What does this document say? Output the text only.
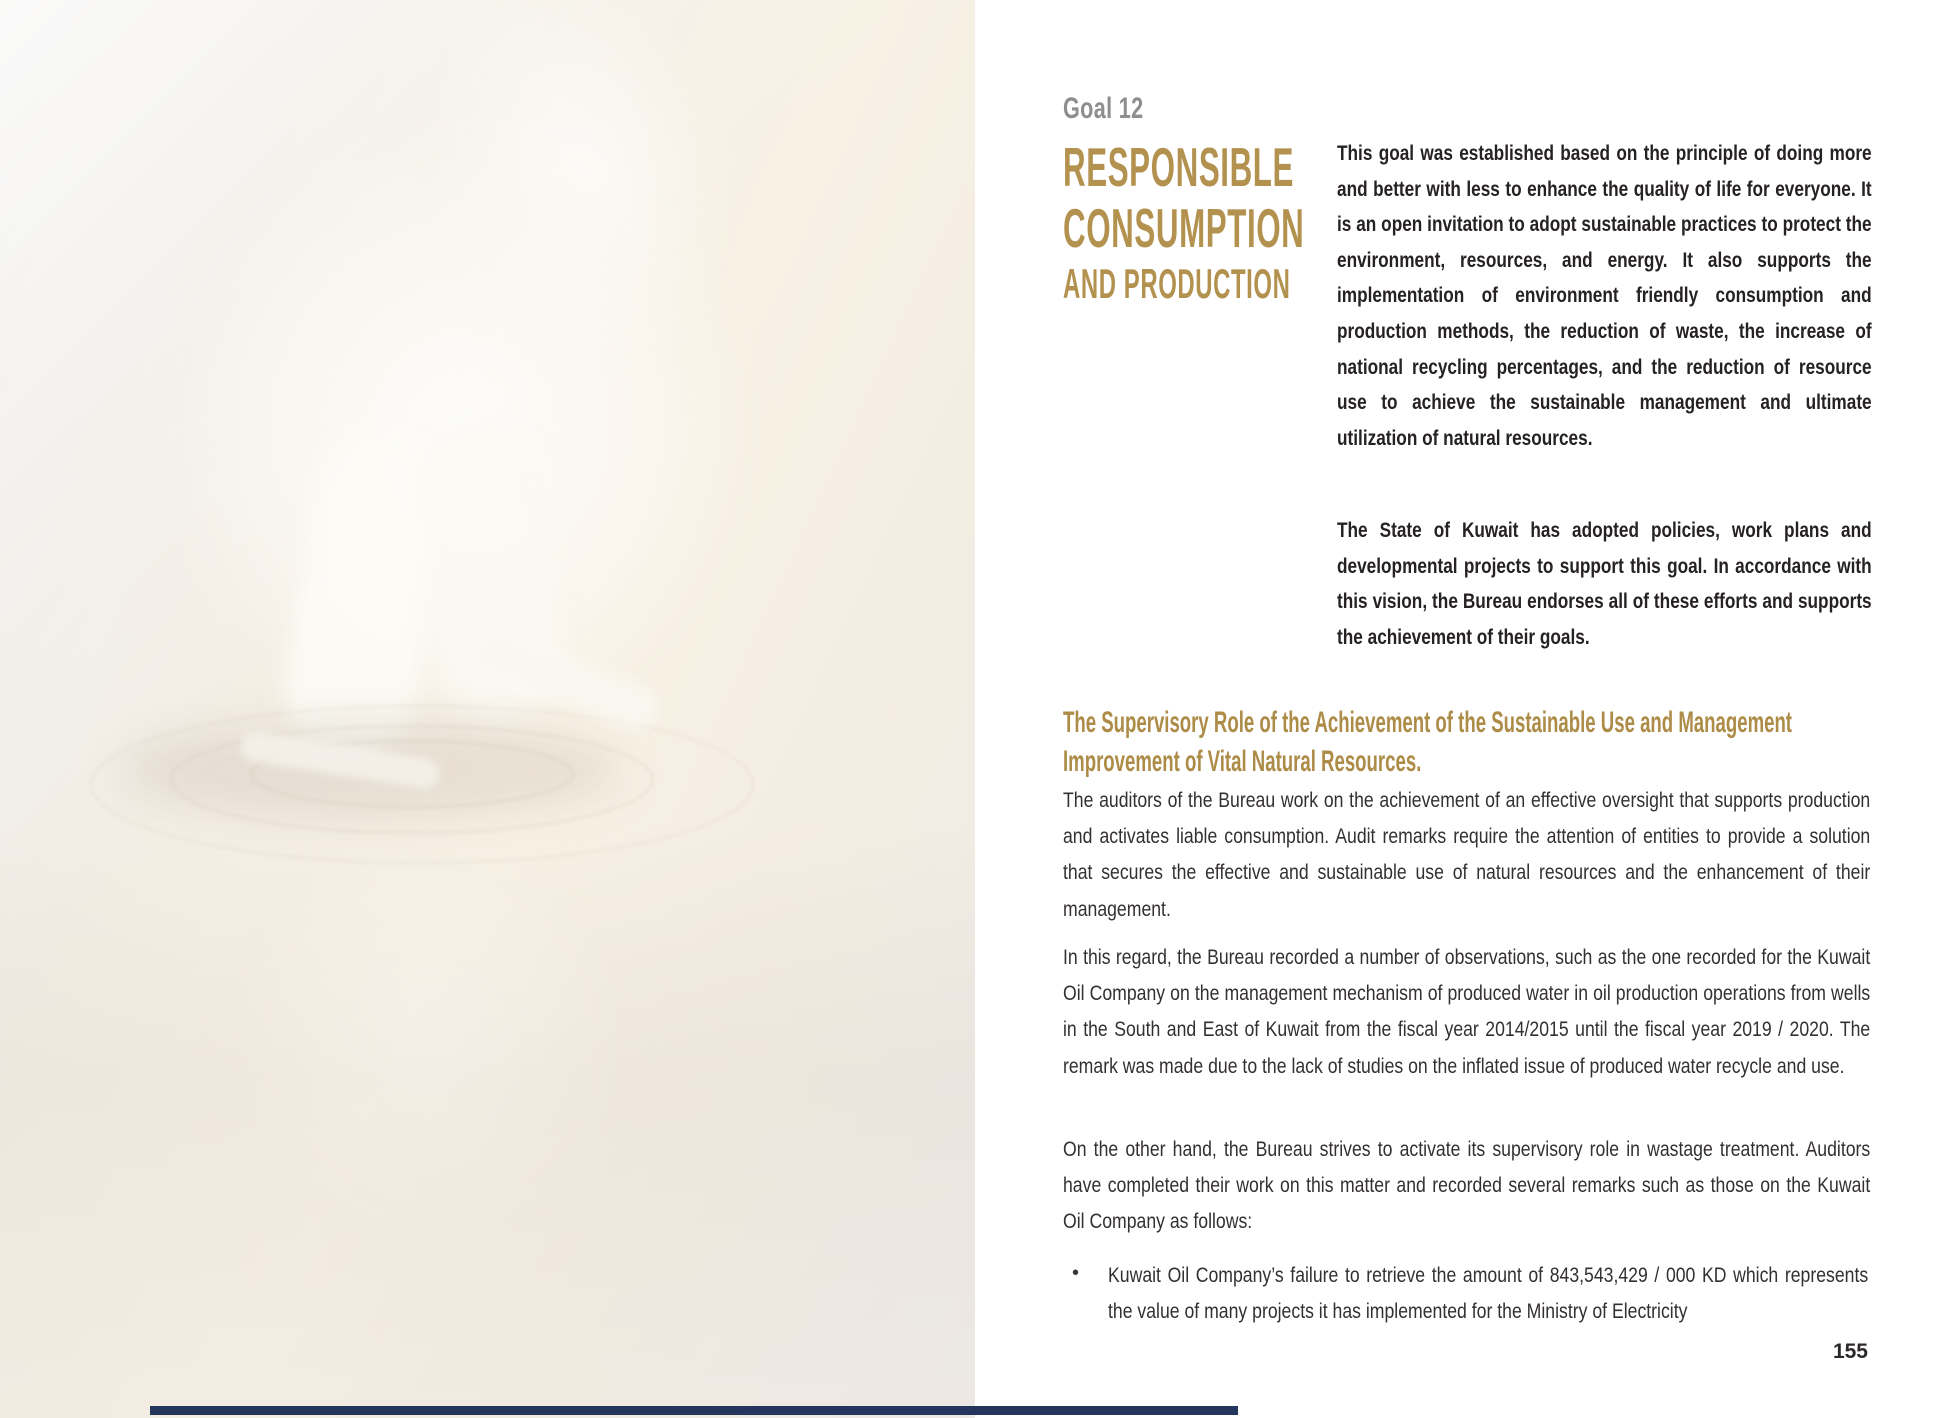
Goal 12
RESPONSIBLE
CONSUMPTION
AND PRODUCTION
This goal was established based on the principle of doing more and better with less to enhance the quality of life for everyone. It is an open invitation to adopt sustainable practices to protect the environment, resources, and energy. It also supports the implementation of environment friendly consumption and production methods, the reduction of waste, the increase of national recycling percentages, and the reduction of resource use to achieve the sustainable management and ultimate utilization of natural resources.
The State of Kuwait has adopted policies, work plans and developmental projects to support this goal. In accordance with this vision, the Bureau endorses all of these efforts and supports the achievement of their goals.
The Supervisory Role of the Achievement of the Sustainable Use and Management
Improvement of Vital Natural Resources.
The auditors of the Bureau work on the achievement of an effective oversight that supports production and activates liable consumption. Audit remarks require the attention of entities to provide a solution that secures the effective and sustainable use of natural resources and the enhancement of their management.
In this regard, the Bureau recorded a number of observations, such as the one recorded for the Kuwait Oil Company on the management mechanism of produced water in oil production operations from wells in the South and East of Kuwait from the fiscal year 2014/2015 until the fiscal year 2019 / 2020. The remark was made due to the lack of studies on the inflated issue of produced water recycle and use.
On the other hand, the Bureau strives to activate its supervisory role in wastage treatment. Auditors have completed their work on this matter and recorded several remarks such as those on the Kuwait Oil Company as follows:
• Kuwait Oil Company’s failure to retrieve the amount of 843,543,429 / 000 KD which represents the value of many projects it has implemented for the Ministry of Electricity
155
